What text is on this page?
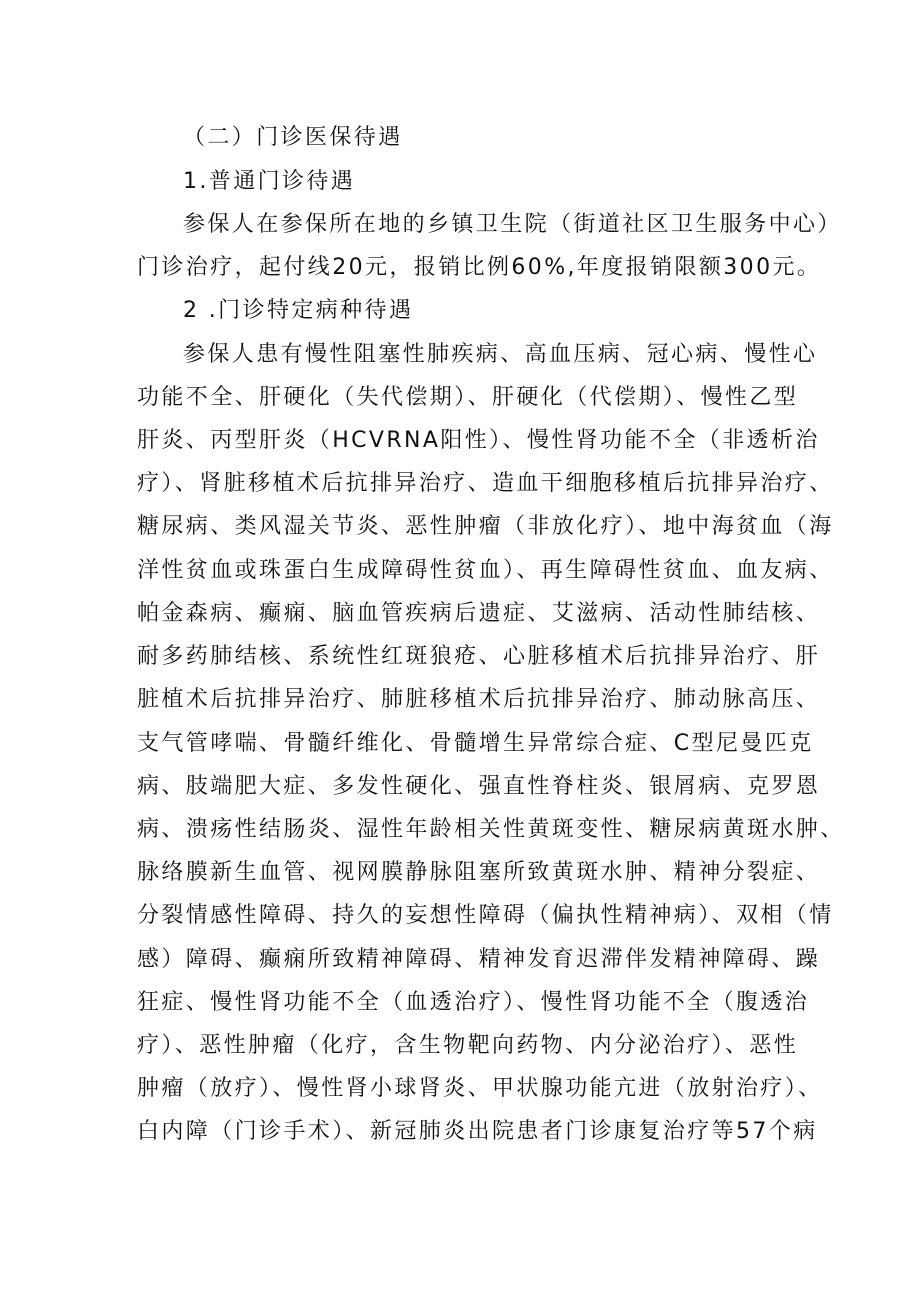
（二）门诊医保待遇
1.普通门诊待遇
参保人在参保所在地的乡镇卫生院（街道社区卫生服务中心）
门诊治疗，起付线20元，报销比例60%,年度报销限额300元。
2 .门诊特定病种待遇
参保人患有慢性阻塞性肺疾病、高血压病、冠心病、慢性心
功能不全、肝硬化（失代偿期）、肝硬化（代偿期）、慢性乙型
肝炎、丙型肝炎（HCVRNA阳性）、慢性肾功能不全（非透析治
疗）、肾脏移植术后抗排异治疗、造血干细胞移植后抗排异治疗、
糖尿病、类风湿关节炎、恶性肿瘤（非放化疗）、地中海贫血（海
洋性贫血或珠蛋白生成障碍性贫血）、再生障碍性贫血、血友病、
帕金森病、癫痫、脑血管疾病后遗症、艾滋病、活动性肺结核、
耐多药肺结核、系统性红斑狼疮、心脏移植术后抗排异治疗、肝
脏植术后抗排异治疗、肺脏移植术后抗排异治疗、肺动脉高压、
支气管哮喘、骨髓纤维化、骨髓增生异常综合症、C型尼曼匹克
病、肢端肥大症、多发性硬化、强直性脊柱炎、银屑病、克罗恩
病、溃疡性结肠炎、湿性年龄相关性黄斑变性、糖尿病黄斑水肿、
脉络膜新生血管、视网膜静脉阻塞所致黄斑水肿、精神分裂症、
分裂情感性障碍、持久的妄想性障碍（偏执性精神病）、双相（情
感）障碍、癫痫所致精神障碍、精神发育迟滞伴发精神障碍、躁
狂症、慢性肾功能不全（血透治疗）、慢性肾功能不全（腹透治
疗）、恶性肿瘤（化疗，含生物靶向药物、内分泌治疗）、恶性
肿瘤（放疗）、慢性肾小球肾炎、甲状腺功能亢进（放射治疗）、
白内障（门诊手术）、新冠肺炎出院患者门诊康复治疗等57个病
